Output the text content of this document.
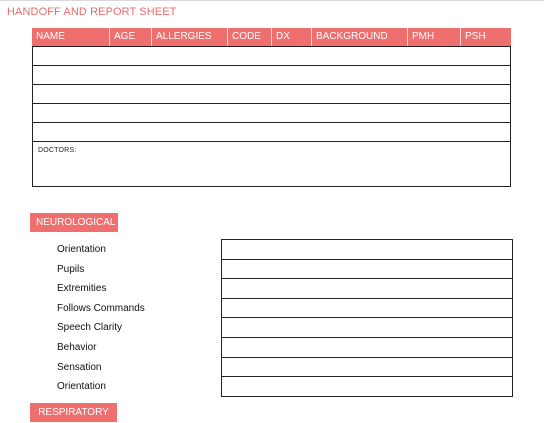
HANDOFF AND REPORT SHEET
NAME	AGE	ALLERGIES	CODE	DX	BACKGROUND	PMH	PSH
DOCTORS:
NEUROLOGICAL
Orientation
Pupils
Extremities
Follows Commands
Speech Clarity
Behavior
Sensation
Orientation
RESPIRATORY
